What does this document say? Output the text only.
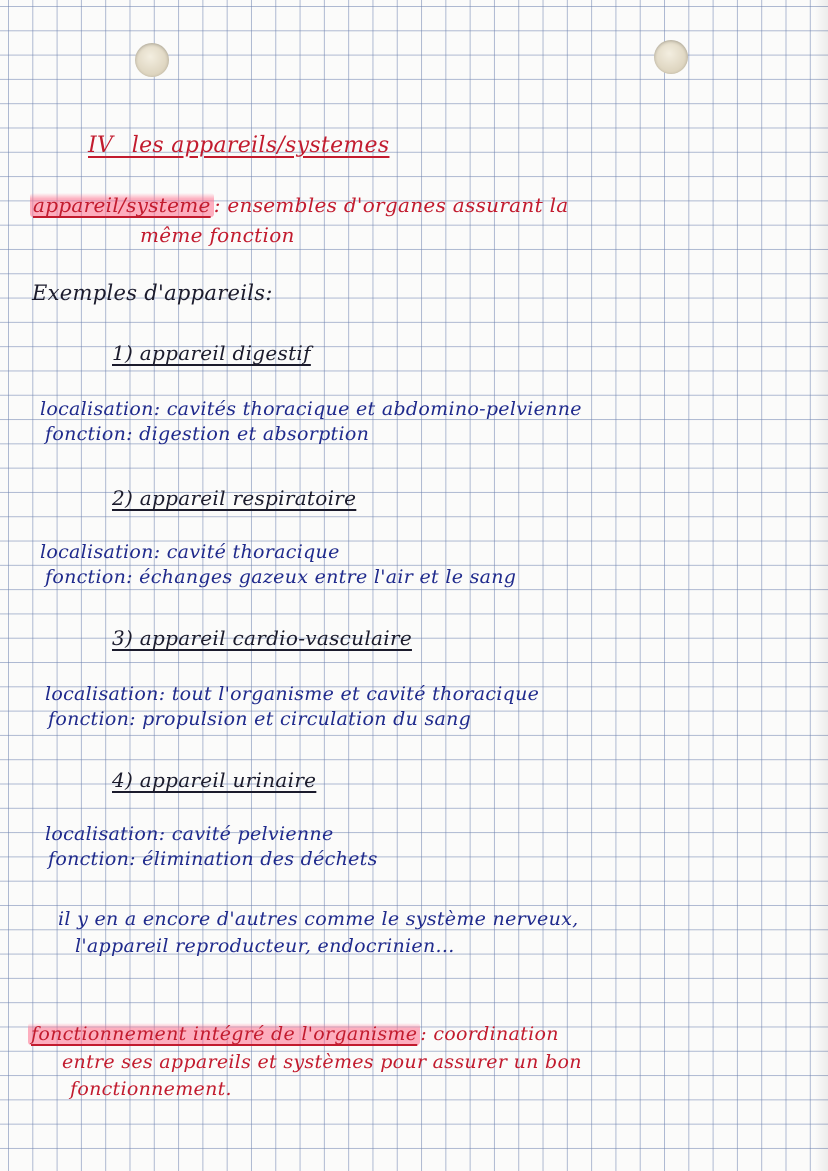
IV_ les appareils/systemes
appareil/systeme : ensembles d'organes assurant la
même fonction
Exemples d'appareils:
1) appareil digestif
localisation: cavités thoracique et abdomino-pelvienne
fonction: digestion et absorption
2) appareil respiratoire
localisation: cavité thoracique
fonction: échanges gazeux entre l'air et le sang
3) appareil cardio-vasculaire
localisation: tout l'organisme et cavité thoracique
fonction: propulsion et circulation du sang
4) appareil urinaire
localisation: cavité pelvienne
fonction: élimination des déchets
il y en a encore d'autres comme le système nerveux,
l'appareil reproducteur, endocrinien...
fonctionnement intégré de l'organisme : coordination
entre ses appareils et systèmes pour assurer un bon
fonctionnement.
